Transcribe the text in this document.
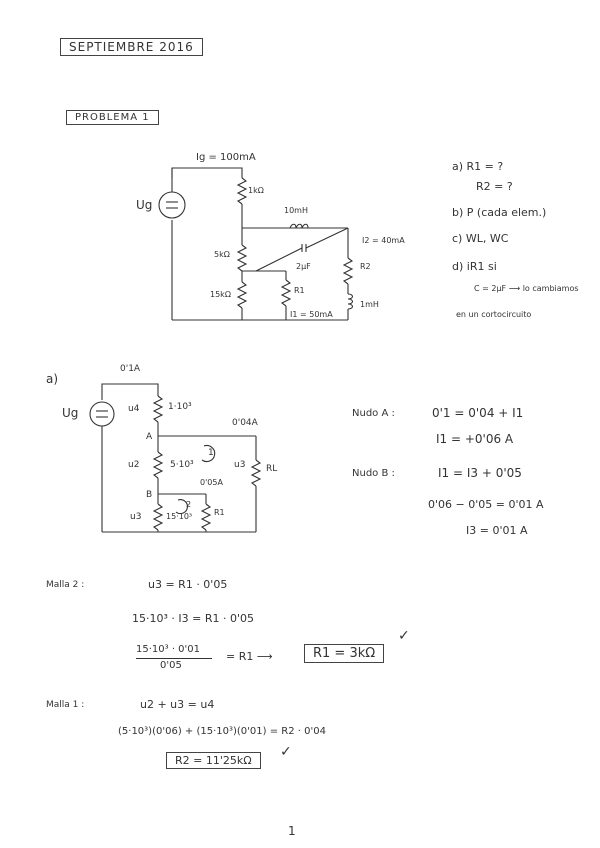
SEPTIEMBRE 2016
PROBLEMA 1
Ug
Ig = 100mA
1kΩ
10mH
5kΩ
2μF
15kΩ	R1
R2
1mH
I2 = 40mA
I1 = 50mA
a) R1 = ?
R2 = ?
b) P (cada elem.)
c) WL, WC
d) iR1 si
C = 2μF ⟶ lo cambiamos
en un cortocircuito
a)
Ug
0'1A
u4	1·10³
A
0'04A
u2	5·10³
1
u3 RL
B
0'05A
u3	15·10³
2
R1
Nudo A :	0'1 = 0'04 + I1
I1 = +0'06 A
Nudo B :	I1 = I3 + 0'05
0'06 − 0'05 = 0'01 A
I3 = 0'01 A
Malla 2 :	u3 = R1 · 0'05
15·10³ · I3 = R1 · 0'05
15·10³ · 0'01
0'05
= R1 ⟶	R1 = 3kΩ
✓
Malla 1 :	u2 + u3 = u4
(5·10³)(0'06) + (15·10³)(0'01) = R2 · 0'04
R2 = 11'25kΩ
✓
1
